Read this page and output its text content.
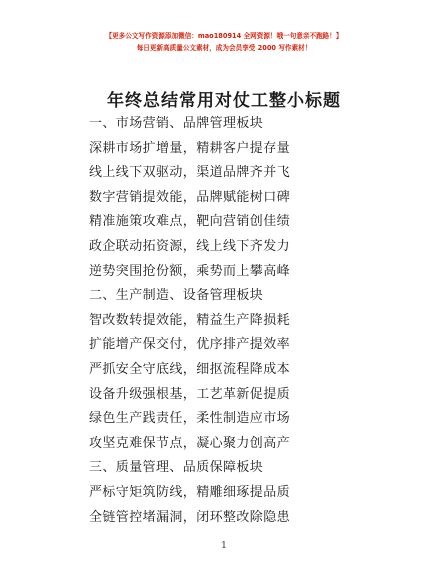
【更多公文写作资源添加微信：mao180914 全网资源！哦一句意亲不跑路！】
每日更新高质量公文素材，成为会员享受 2000 写作素材！
年终总结常用对仗工整小标题
一、市场营销、品牌管理板块
深耕市场扩增量，精耕客户提存量
线上线下双驱动，渠道品牌齐并飞
数字营销提效能，品牌赋能树口碑
精准施策攻难点，靶向营销创佳绩
政企联动拓资源，线上线下齐发力
逆势突围抢份额，乘势而上攀高峰
二、生产制造、设备管理板块
智改数转提效能，精益生产降损耗
扩能增产保交付，优序排产提效率
严抓安全守底线，细抠流程降成本
设备升级强根基，工艺革新促提质
绿色生产践责任，柔性制造应市场
攻坚克难保节点，凝心聚力创高产
三、质量管理、品质保障板块
严标守矩筑防线，精雕细琢提品质
全链管控堵漏洞，闭环整改除隐患
1
